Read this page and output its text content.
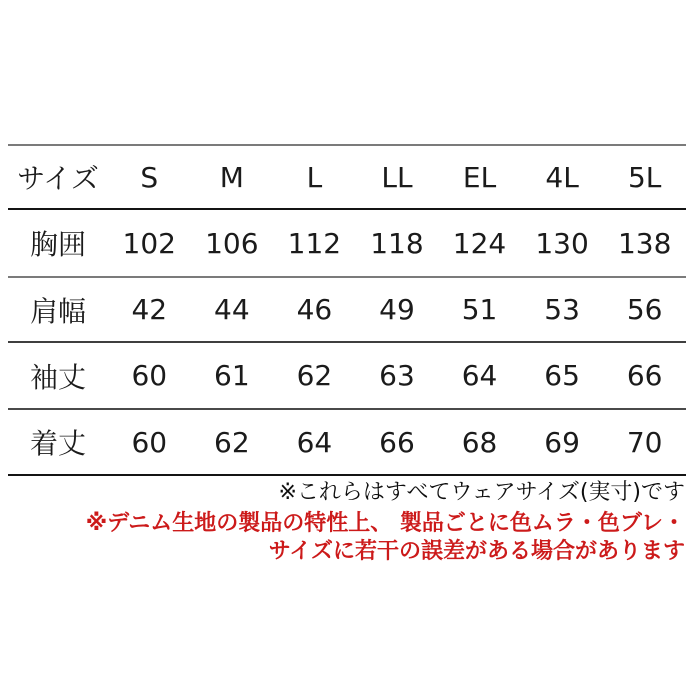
サイズ	S	M	L	LL	EL	4L	5L
胸囲	102	106	112	118	124	130	138
肩幅	42	44	46	49	51	53	56
袖丈	60	61	62	63	64	65	66
着丈	60	62	64	66	68	69	70
※これらはすべてウェアサイズ(実寸)です
※デニム生地の製品の特性上、 製品ごとに色ムラ・色ブレ・
サイズに若干の誤差がある場合があります
